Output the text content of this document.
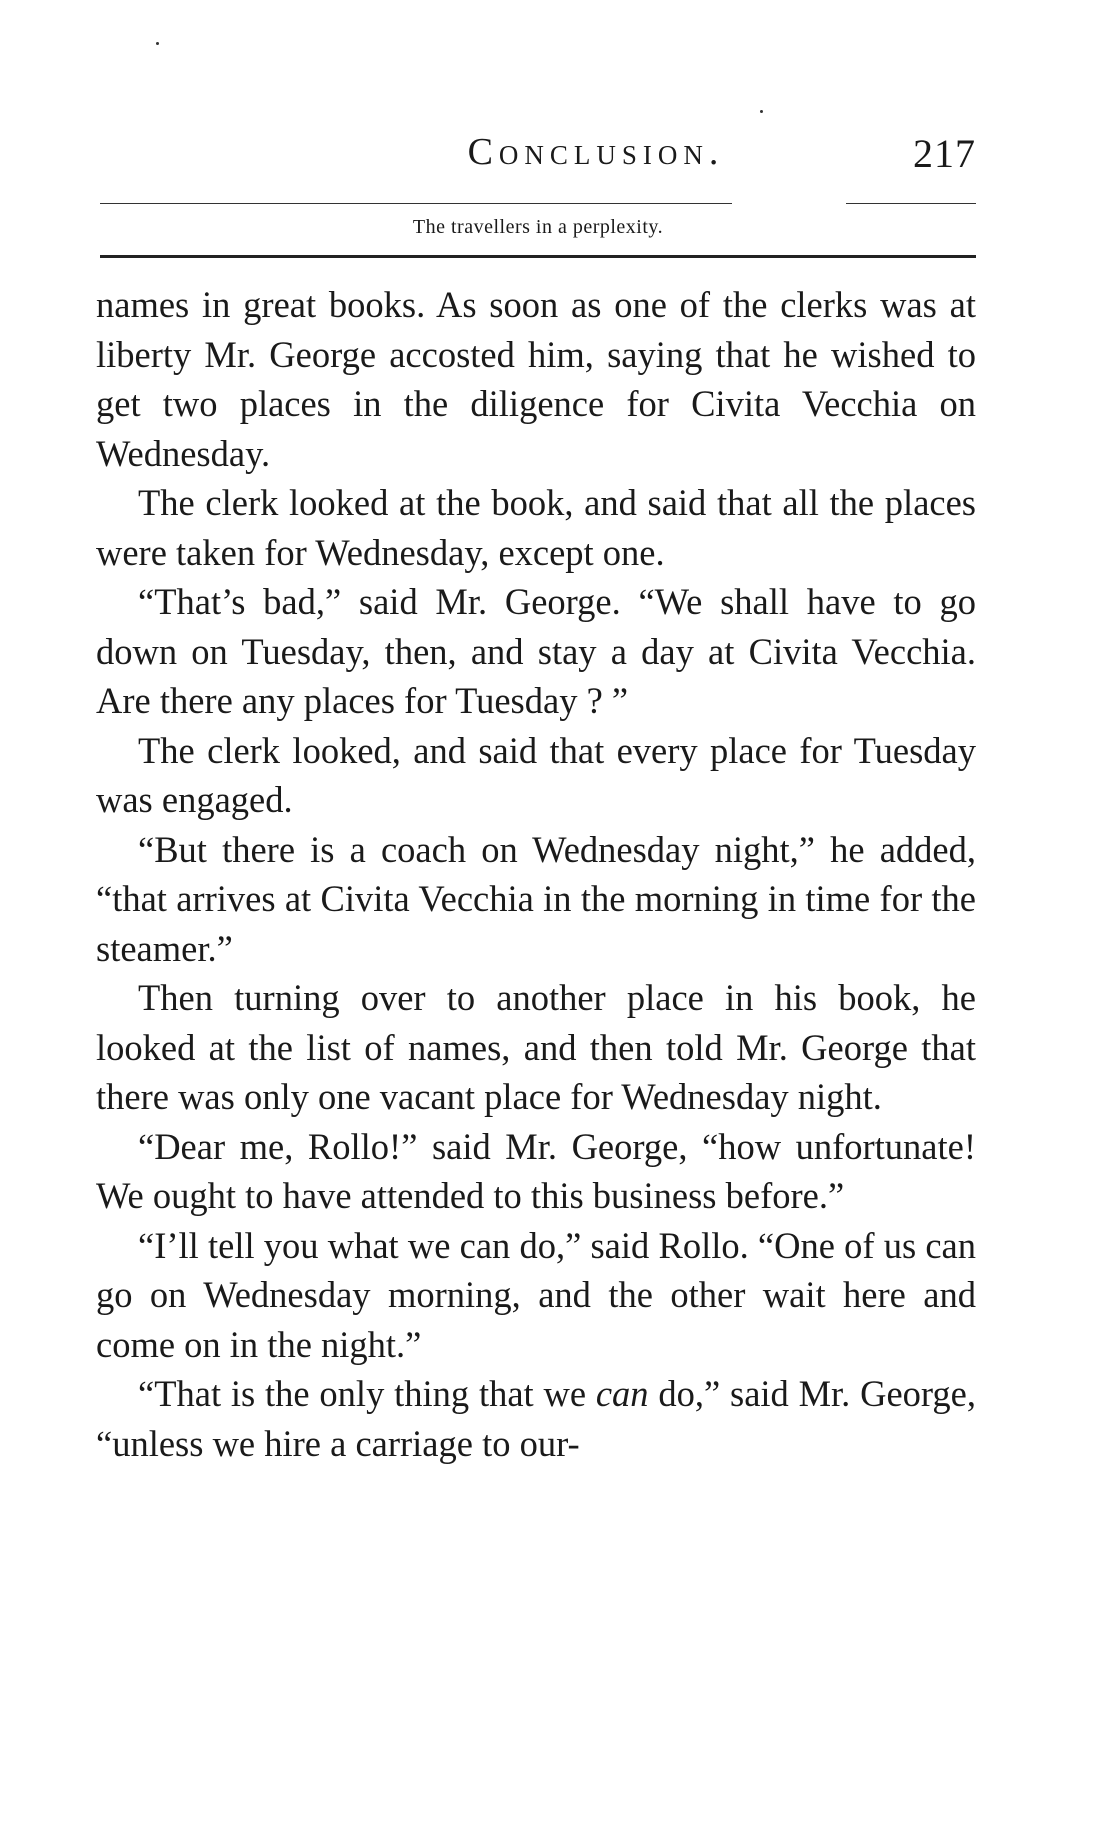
Conclusion.	217
The travellers in a perplexity.

names in great books. As soon as one of the clerks was at liberty Mr. George accosted him, saying that he wished to get two places in the diligence for Civita Vecchia on Wednesday.

The clerk looked at the book, and said that all the places were taken for Wednesday, except one.

“That’s bad,” said Mr. George. “We shall have to go down on Tuesday, then, and stay a day at Civita Vecchia. Are there any places for Tuesday ? ”

The clerk looked, and said that every place for Tuesday was engaged.

“But there is a coach on Wednesday night,” he added, “that arrives at Civita Vecchia in the morning in time for the steamer.”

Then turning over to another place in his book, he looked at the list of names, and then told Mr. George that there was only one vacant place for Wednesday night.

“Dear me, Rollo!” said Mr. George, “how unfortunate! We ought to have attended to this business before.”

“I’ll tell you what we can do,” said Rollo. “One of us can go on Wednesday morning, and the other wait here and come on in the night.”

“That is the only thing that we can do,” said Mr. George, “unless we hire a carriage to our-
